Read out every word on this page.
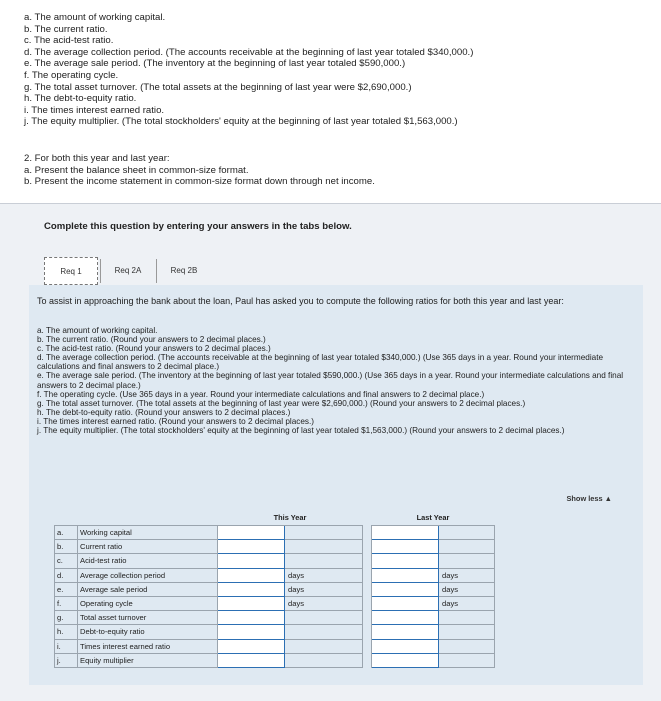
a. The amount of working capital.
b. The current ratio.
c. The acid-test ratio.
d. The average collection period. (The accounts receivable at the beginning of last year totaled $340,000.)
e. The average sale period. (The inventory at the beginning of last year totaled $590,000.)
f. The operating cycle.
g. The total asset turnover. (The total assets at the beginning of last year were $2,690,000.)
h. The debt-to-equity ratio.
i. The times interest earned ratio.
j. The equity multiplier. (The total stockholders' equity at the beginning of last year totaled $1,563,000.)
2. For both this year and last year:
a. Present the balance sheet in common-size format.
b. Present the income statement in common-size format down through net income.
Complete this question by entering your answers in the tabs below.
Req 1	Req 2A	Req 2B
To assist in approaching the bank about the loan, Paul has asked you to compute the following ratios for both this year and last year:
a. The amount of working capital.
b. The current ratio. (Round your answers to 2 decimal places.)
c. The acid-test ratio. (Round your answers to 2 decimal places.)
d. The average collection period. (The accounts receivable at the beginning of last year totaled $340,000.) (Use 365 days in a year. Round your intermediate calculations and final answers to 2 decimal place.)
e. The average sale period. (The inventory at the beginning of last year totaled $590,000.) (Use 365 days in a year. Round your intermediate calculations and final answers to 2 decimal place.)
f. The operating cycle. (Use 365 days in a year. Round your intermediate calculations and final answers to 2 decimal place.)
g. The total asset turnover. (The total assets at the beginning of last year were $2,690,000.) (Round your answers to 2 decimal places.)
h. The debt-to-equity ratio. (Round your answers to 2 decimal places.)
i. The times interest earned ratio. (Round your answers to 2 decimal places.)
j. The equity multiplier. (The total stockholders' equity at the beginning of last year totaled $1,563,000.) (Round your answers to 2 decimal places.)
Show less ▲
		This Year			Last Year	
a.	Working capital					
b.	Current ratio					
c.	Acid-test ratio					
d.	Average collection period		days			days
e.	Average sale period		days			days
f.	Operating cycle		days			days
g.	Total asset turnover					
h.	Debt-to-equity ratio					
i.	Times interest earned ratio					
j.	Equity multiplier					
